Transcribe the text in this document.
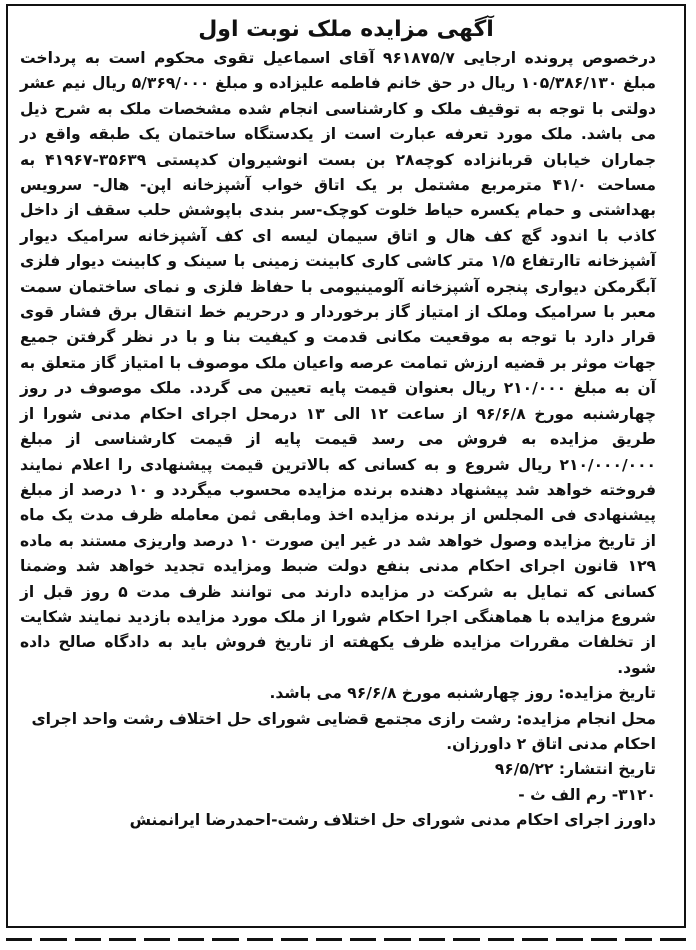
آگهی مزایده ملک نوبت اول

درخصوص پرونده ارجایی ۹۶۱۸۷۵/۷ آقای اسماعیل تقوی محکوم است به پرداخت مبلغ ۱۰۵/۳۸۶/۱۳۰ ریال در حق خانم فاطمه علیزاده و مبلغ ۵/۳۶۹/۰۰۰ ریال نیم عشر دولتی با توجه به توقیف ملک و کارشناسی انجام شده مشخصات ملک به شرح ذیل می باشد. ملک مورد تعرفه عبارت است از یکدستگاه ساختمان یک طبقه واقع در جماران خیابان قربانزاده کوچه۲۸ بن بست انوشیروان کدپستی ۳۵۶۳۹-۴۱۹۶۷ به مساحت ۴۱/۰ مترمربع مشتمل بر یک اتاق خواب آشپزخانه اپن- هال- سرویس بهداشتی و حمام یکسره حیاط خلوت کوچک-سر بندی باپوشش حلب سقف از داخل کاذب با اندود گچ کف هال و اتاق سیمان لیسه ای کف آشپزخانه سرامیک دیوار آشپزخانه تاارتفاع ۱/۵ متر کاشی کاری کابینت زمینی با سینک و کابینت دیوار فلزی آبگرمکن دیواری پنجره آشپزخانه آلومینیومی با حفاظ فلزی و نمای ساختمان سمت معبر با سرامیک وملک از امتیاز گاز برخوردار و درحریم خط انتقال برق فشار قوی قرار دارد با توجه به موقعیت مکانی قدمت و کیفیت بنا و با در نظر گرفتن جمیع جهات موثر بر قضیه ارزش تمامت عرصه واعیان ملک موصوف با امتیاز گاز متعلق به آن به مبلغ ۲۱۰/۰۰۰ ریال بعنوان قیمت پایه تعیین می گردد. ملک موصوف در روز چهارشنبه مورخ ۹۶/۶/۸ از ساعت ۱۲ الی ۱۳ درمحل اجرای احکام مدنی شورا از طریق مزایده به فروش می رسد قیمت پایه از قیمت کارشناسی از مبلغ ۲۱۰/۰۰۰/۰۰۰ ریال شروع و به کسانی که بالاترین قیمت پیشنهادی را اعلام نمایند فروخته خواهد شد پیشنهاد دهنده برنده مزایده محسوب میگردد و ۱۰ درصد از مبلغ پیشنهادی فی المجلس از برنده مزایده اخذ ومابقی ثمن معامله ظرف مدت یک ماه از تاریخ مزایده وصول خواهد شد در غیر این صورت ۱۰ درصد واریزی مستند به ماده ۱۲۹ قانون اجرای احکام مدنی بنفع دولت ضبط ومزایده تجدید خواهد شد وضمنا کسانی که تمایل به شرکت در مزایده دارند می توانند ظرف مدت ۵ روز قبل از شروع مزایده با هماهنگی اجرا احکام شورا از ملک مورد مزایده بازدید نمایند شکایت از تخلفات مقررات مزایده ظرف یکهفته از تاریخ فروش باید به دادگاه صالح داده شود.

تاریخ مزایده: روز چهارشنبه مورخ ۹۶/۶/۸ می باشد.

محل انجام مزایده: رشت رازی مجتمع قضایی شورای حل اختلاف رشت واحد اجرای احکام مدنی اتاق ۲ داورزان.

تاریخ انتشار: ۹۶/۵/۲۲

۳۱۲۰- رم الف ث -

داورز اجرای احکام مدنی شورای حل اختلاف رشت-احمدرضا ایرانمنش
